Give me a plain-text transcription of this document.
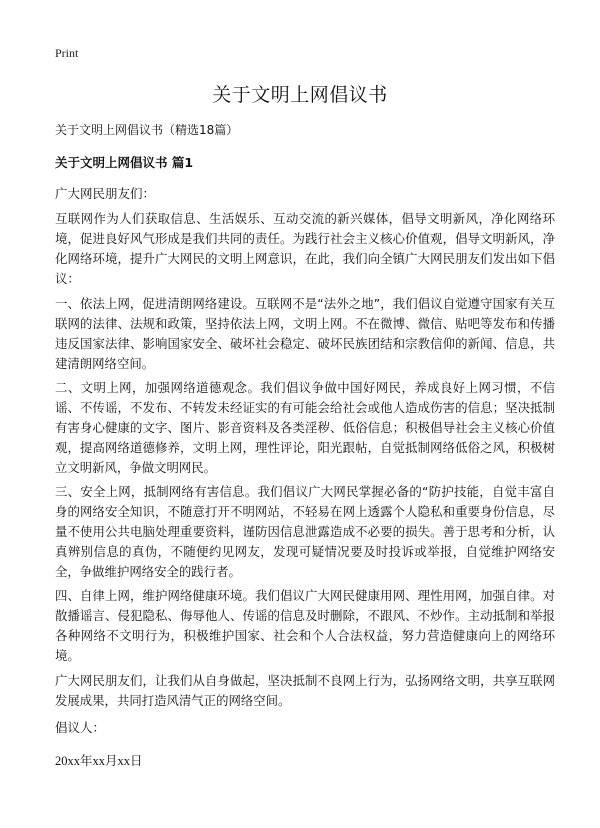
Print
关于文明上网倡议书

关于文明上网倡议书（精选18篇）

关于文明上网倡议书 篇1

广大网民朋友们：

互联网作为人们获取信息、生活娱乐、互动交流的新兴媒体，倡导文明新风，净化网络环境，促进良好风气形成是我们共同的责任。为践行社会主义核心价值观，倡导文明新风，净化网络环境，提升广大网民的文明上网意识，在此，我们向全镇广大网民朋友们发出如下倡议：

一、依法上网，促进清朗网络建设。互联网不是“法外之地”，我们倡议自觉遵守国家有关互联网的法律、法规和政策，坚持依法上网，文明上网。不在微博、微信、贴吧等发布和传播违反国家法律、影响国家安全、破坏社会稳定、破坏民族团结和宗教信仰的新闻、信息，共建清朗网络空间。

二、文明上网，加强网络道德观念。我们倡议争做中国好网民，养成良好上网习惯，不信谣、不传谣，不发布、不转发未经证实的有可能会给社会或他人造成伤害的信息；坚决抵制有害身心健康的文字、图片、影音资料及各类淫秽、低俗信息；积极倡导社会主义核心价值观，提高网络道德修养，文明上网，理性评论，阳光跟帖，自觉抵制网络低俗之风，积极树立文明新风，争做文明网民。

三、安全上网，抵制网络有害信息。我们倡议广大网民掌握必备的“防护技能，自觉丰富自身的网络安全知识，不随意打开不明网站，不轻易在网上透露个人隐私和重要身份信息，尽量不使用公共电脑处理重要资料，谨防因信息泄露造成不必要的损失。善于思考和分析，认真辨别信息的真伪，不随便约见网友，发现可疑情况要及时投诉或举报，自觉维护网络安全，争做维护网络安全的践行者。

四、自律上网，维护网络健康环境。我们倡议广大网民健康用网、理性用网，加强自律。对散播谣言、侵犯隐私、侮辱他人、传谣的信息及时删除，不跟风、不炒作。主动抵制和举报各种网络不文明行为，积极维护国家、社会和个人合法权益，努力营造健康向上的网络环境。

广大网民朋友们，让我们从自身做起，坚决抵制不良网上行为，弘扬网络文明，共享互联网发展成果，共同打造风清气正的网络空间。

倡议人：

20xx年xx月xx日
